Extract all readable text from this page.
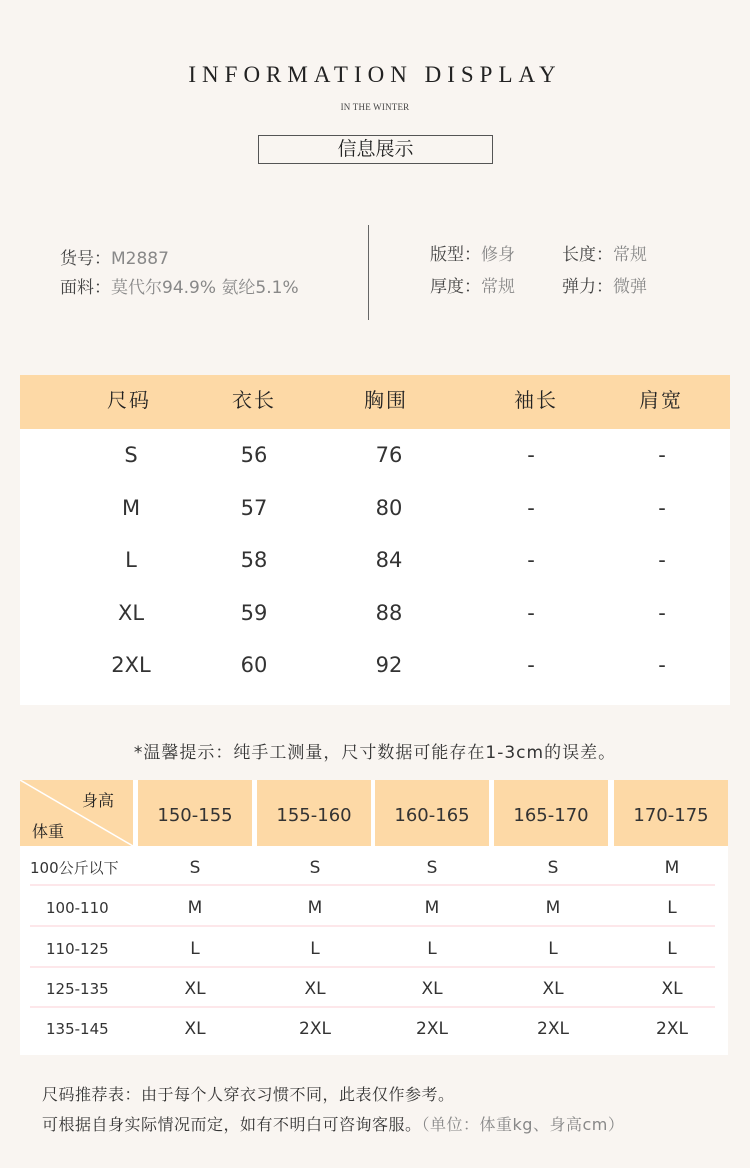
INFORMATION DISPLAY
IN THE WINTER
信息展示
货号：M2887
面料：莫代尔94.9% 氨纶5.1%
版型：修身	长度：常规
厚度：常规	弹力：微弹
尺码	衣长	胸围	袖长	肩宽
S	56	76	-	-
M	57	80	-	-
L	58	84	-	-
XL	59	88	-	-
2XL	60	92	-	-
*温馨提示：纯手工测量，尺寸数据可能存在1-3cm的误差。
身高
体重
150-155	155-160	160-165	165-170	170-175
100公斤以下	S	S	S	S	M
100-110	M	M	M	M	L
110-125	L	L	L	L	L
125-135	XL	XL	XL	XL	XL
135-145	XL	2XL	2XL	2XL	2XL
尺码推荐表：由于每个人穿衣习惯不同，此表仅作参考。
可根据自身实际情况而定，如有不明白可咨询客服。（单位：体重kg、身高cm）
